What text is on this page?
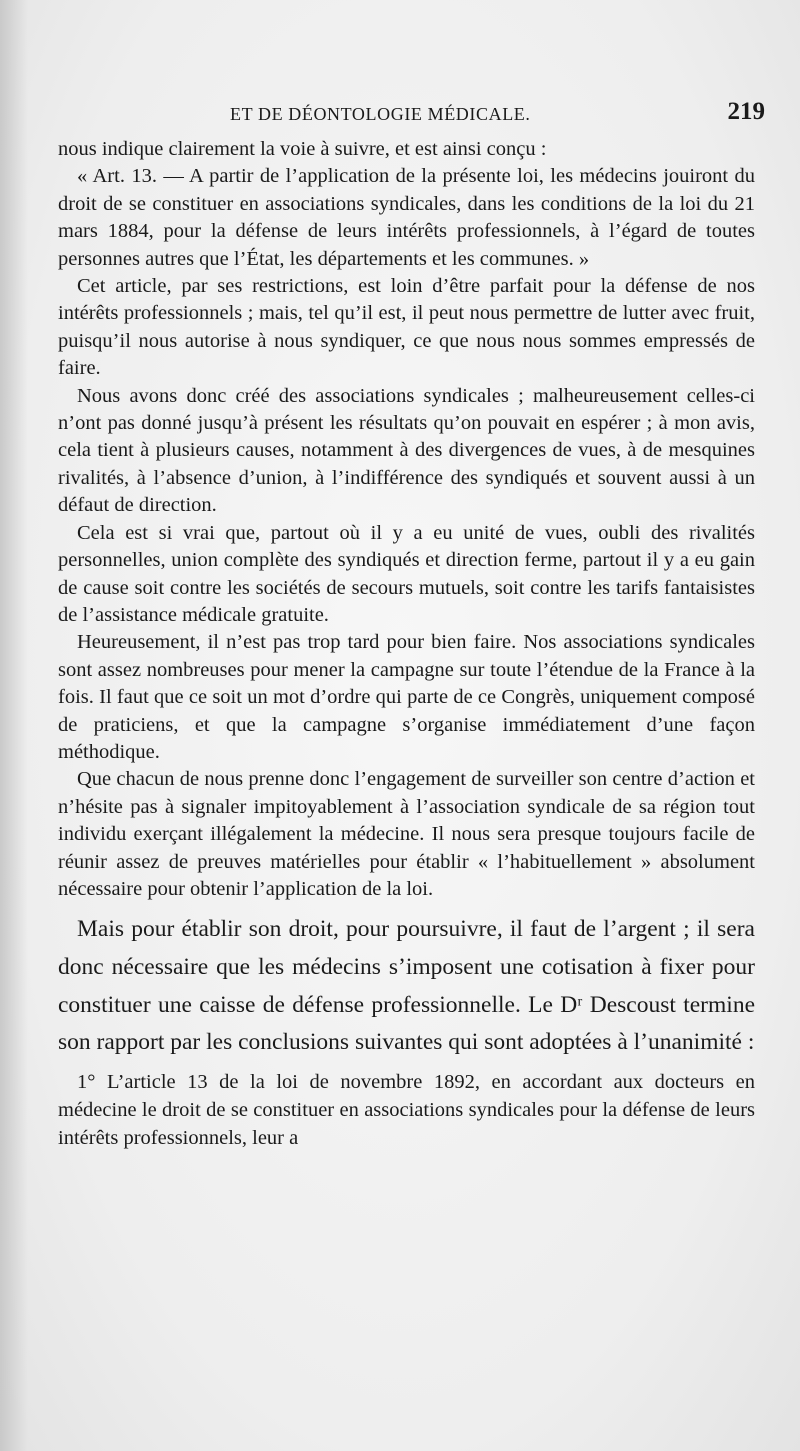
ET DE DÉONTOLOGIE MÉDICALE.	219

nous indique clairement la voie à suivre, et est ainsi conçu :

« Art. 13. — A partir de l’application de la présente loi, les médecins jouiront du droit de se constituer en associations syndicales, dans les conditions de la loi du 21 mars 1884, pour la défense de leurs intérêts professionnels, à l’égard de toutes personnes autres que l’État, les départements et les communes. »

Cet article, par ses restrictions, est loin d’être parfait pour la défense de nos intérêts professionnels ; mais, tel qu’il est, il peut nous permettre de lutter avec fruit, puisqu’il nous autorise à nous syndiquer, ce que nous nous sommes empressés de faire.

Nous avons donc créé des associations syndicales ; malheureusement celles-ci n’ont pas donné jusqu’à présent les résultats qu’on pouvait en espérer ; à mon avis, cela tient à plusieurs causes, notamment à des divergences de vues, à de mesquines rivalités, à l’absence d’union, à l’indifférence des syndiqués et souvent aussi à un défaut de direction.

Cela est si vrai que, partout où il y a eu unité de vues, oubli des rivalités personnelles, union complète des syndiqués et direction ferme, partout il y a eu gain de cause soit contre les sociétés de secours mutuels, soit contre les tarifs fantaisistes de l’assistance médicale gratuite.

Heureusement, il n’est pas trop tard pour bien faire. Nos associations syndicales sont assez nombreuses pour mener la campagne sur toute l’étendue de la France à la fois. Il faut que ce soit un mot d’ordre qui parte de ce Congrès, uniquement composé de praticiens, et que la campagne s’organise immédiatement d’une façon méthodique.

Que chacun de nous prenne donc l’engagement de surveiller son centre d’action et n’hésite pas à signaler impitoyablement à l’association syndicale de sa région tout individu exerçant illégalement la médecine. Il nous sera presque toujours facile de réunir assez de preuves matérielles pour établir « l’habituellement » absolument nécessaire pour obtenir l’application de la loi.

Mais pour établir son droit, pour poursuivre, il faut de l’argent ; il sera donc nécessaire que les médecins s’imposent une cotisation à fixer pour constituer une caisse de défense professionnelle. Le Dʳ Descoust termine son rapport par les conclusions suivantes qui sont adoptées à l’unanimité :

1° L’article 13 de la loi de novembre 1892, en accordant aux docteurs en médecine le droit de se constituer en associations syndicales pour la défense de leurs intérêts professionnels, leur a
